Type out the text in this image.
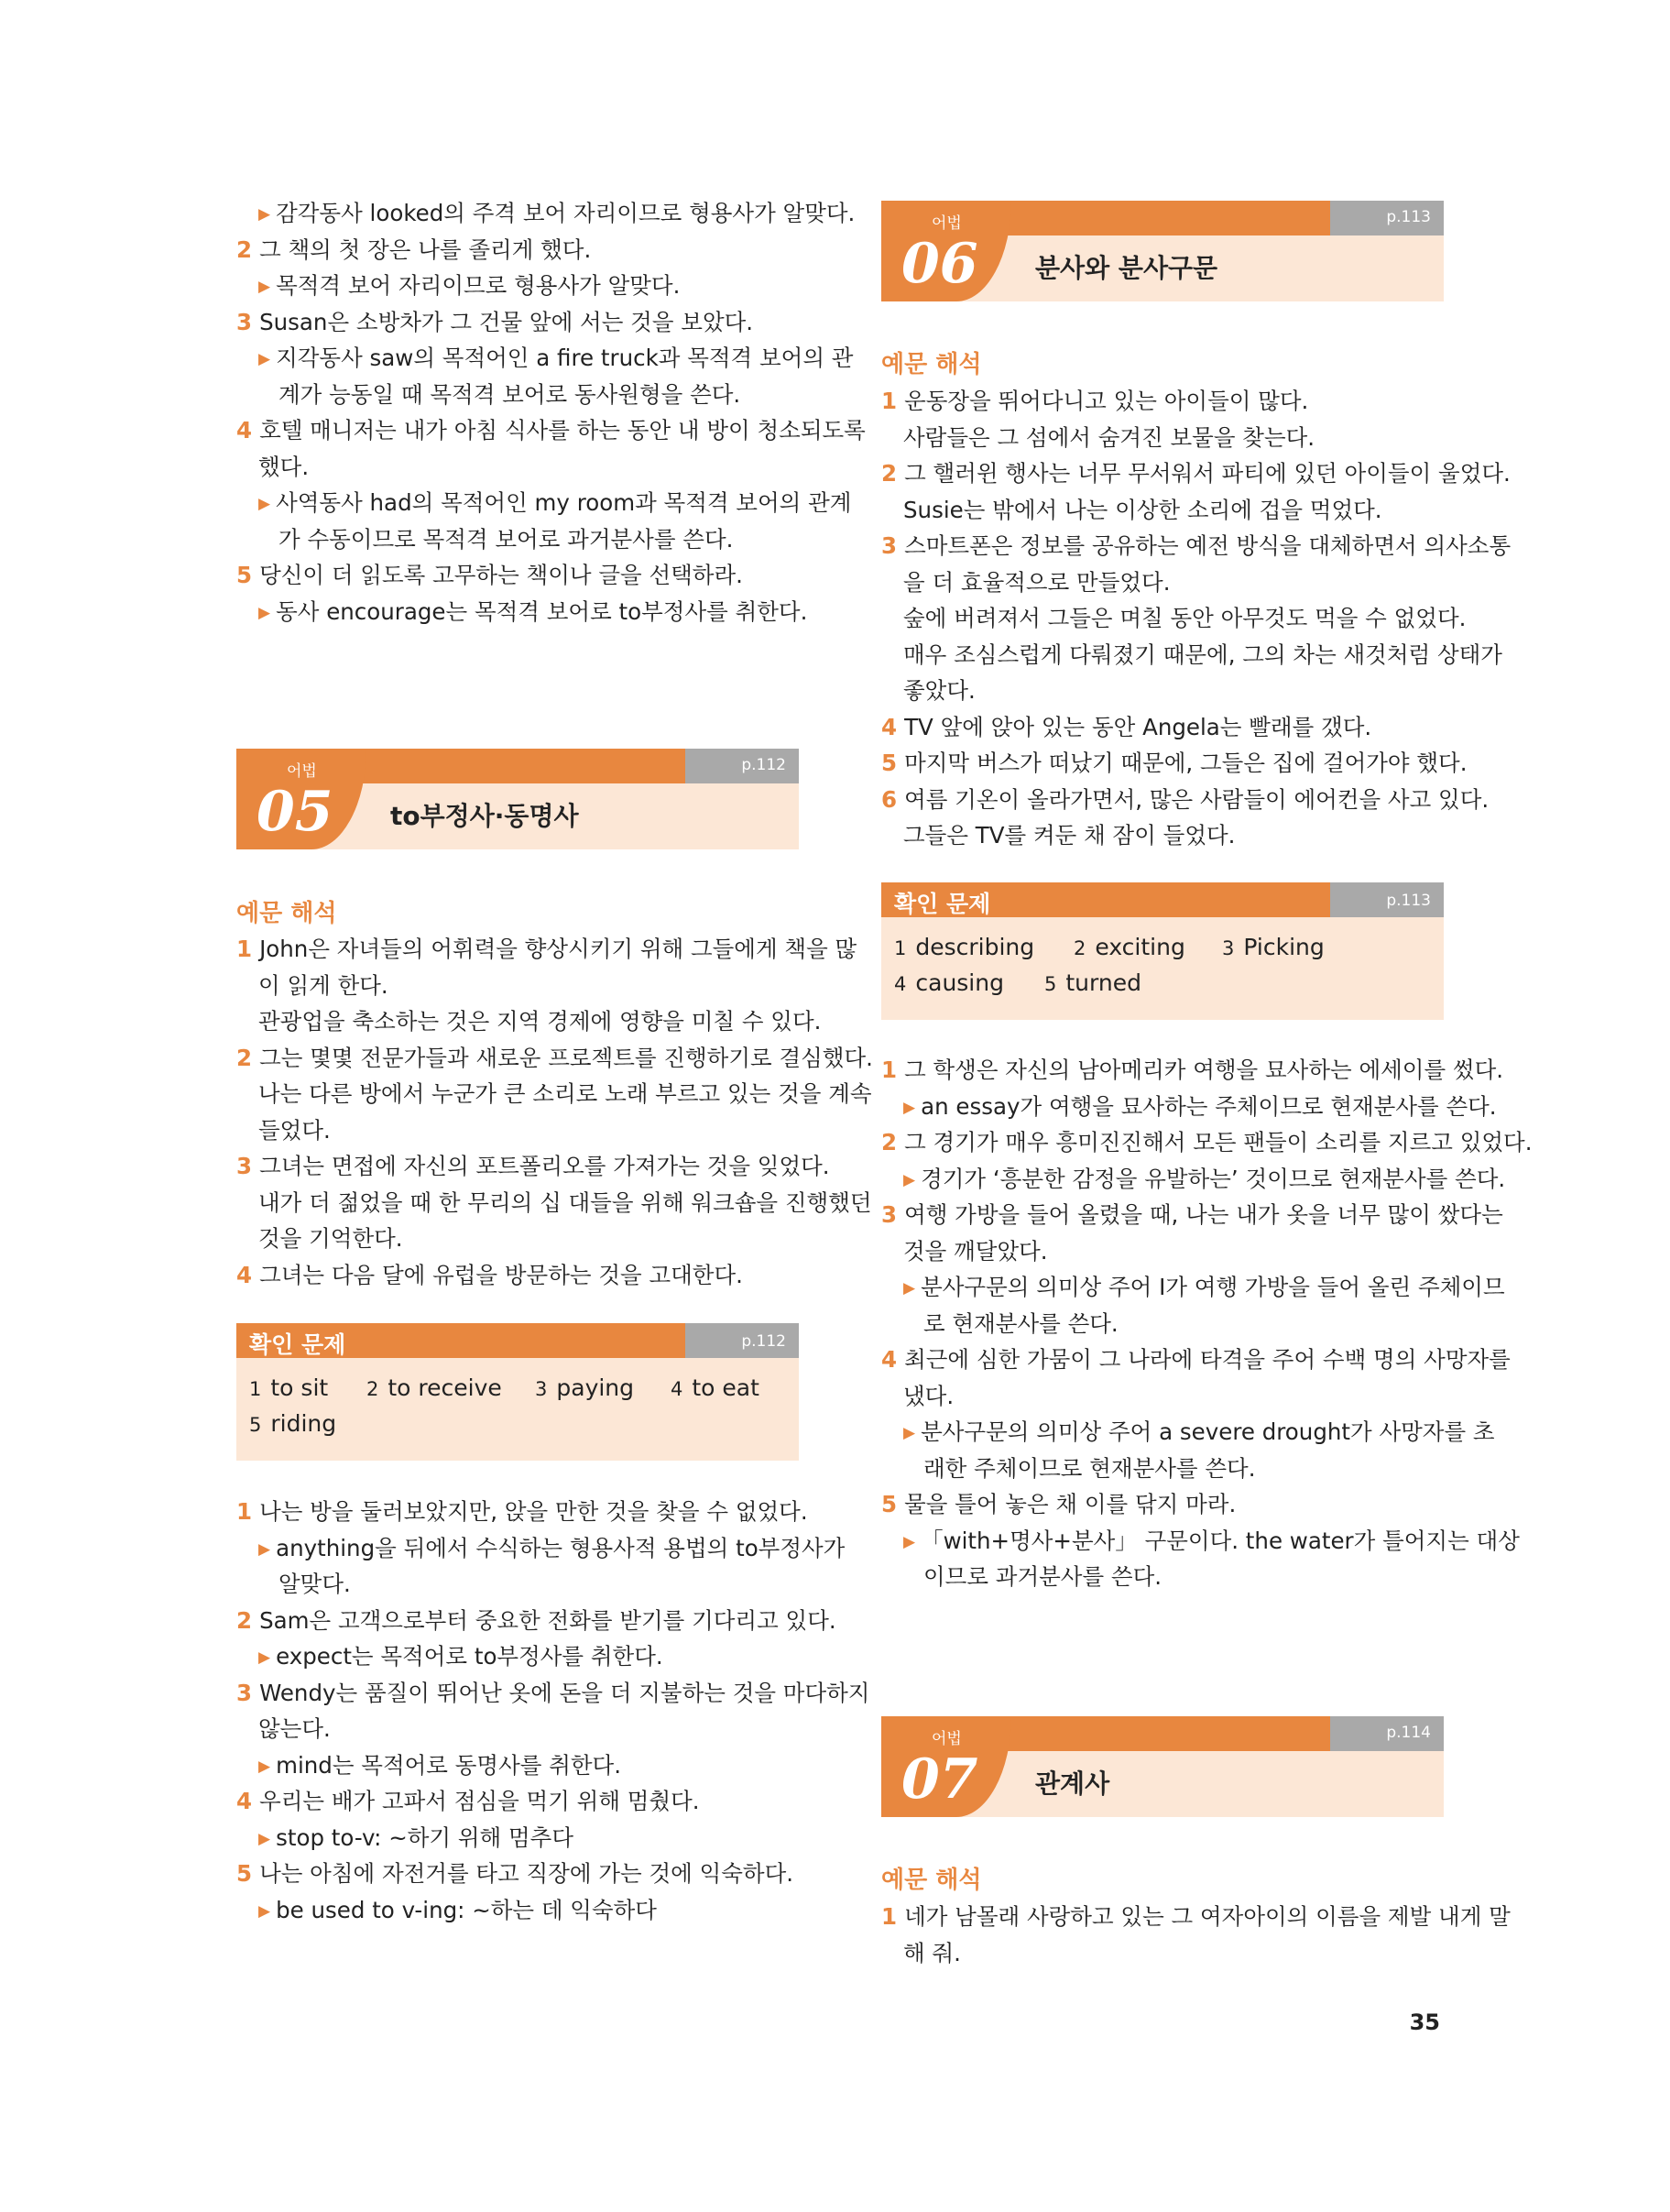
p.112
어법
05 to부정사·동명사
예문 해석
확인 문제	p.112
1 to sit 2 to receive 3 paying 4 to eat
5 riding
p.113
어법
06 분사와 분사구문
예문 해석
확인 문제	p.113
1 describing 2 exciting 3 Picking
4 causing 5 turned
p.114
어법
07 관계사
예문 해석
35
▶ 감각동사 looked의 주격 보어 자리이므로 형용사가 알맞다.
2 그 책의 첫 장은 나를 졸리게 했다.
▶ 목적격 보어 자리이므로 형용사가 알맞다.
3 Susan은 소방차가 그 건물 앞에 서는 것을 보았다.
▶ 지각동사 saw의 목적어인 a fire truck과 목적격 보어의 관
계가 능동일 때 목적격 보어로 동사원형을 쓴다.
4 호텔 매니저는 내가 아침 식사를 하는 동안 내 방이 청소되도록
했다.
▶ 사역동사 had의 목적어인 my room과 목적격 보어의 관계
가 수동이므로 목적격 보어로 과거분사를 쓴다.
5 당신이 더 읽도록 고무하는 책이나 글을 선택하라.
▶ 동사 encourage는 목적격 보어로 to부정사를 취한다.
1 John은 자녀들의 어휘력을 향상시키기 위해 그들에게 책을 많
이 읽게 한다.
관광업을 축소하는 것은 지역 경제에 영향을 미칠 수 있다.
2 그는 몇몇 전문가들과 새로운 프로젝트를 진행하기로 결심했다.
나는 다른 방에서 누군가 큰 소리로 노래 부르고 있는 것을 계속
들었다.
3 그녀는 면접에 자신의 포트폴리오를 가져가는 것을 잊었다.
내가 더 젊었을 때 한 무리의 십 대들을 위해 워크숍을 진행했던
것을 기억한다.
4 그녀는 다음 달에 유럽을 방문하는 것을 고대한다.
1 나는 방을 둘러보았지만, 앉을 만한 것을 찾을 수 없었다.
▶ anything을 뒤에서 수식하는 형용사적 용법의 to부정사가
알맞다.
2 Sam은 고객으로부터 중요한 전화를 받기를 기다리고 있다.
▶ expect는 목적어로 to부정사를 취한다.
3 Wendy는 품질이 뛰어난 옷에 돈을 더 지불하는 것을 마다하지
않는다.
▶ mind는 목적어로 동명사를 취한다.
4 우리는 배가 고파서 점심을 먹기 위해 멈췄다.
▶ stop to-v: ~하기 위해 멈추다
5 나는 아침에 자전거를 타고 직장에 가는 것에 익숙하다.
▶ be used to v-ing: ~하는 데 익숙하다
1 운동장을 뛰어다니고 있는 아이들이 많다.
사람들은 그 섬에서 숨겨진 보물을 찾는다.
2 그 핼러윈 행사는 너무 무서워서 파티에 있던 아이들이 울었다.
Susie는 밖에서 나는 이상한 소리에 겁을 먹었다.
3 스마트폰은 정보를 공유하는 예전 방식을 대체하면서 의사소통
을 더 효율적으로 만들었다.
숲에 버려져서 그들은 며칠 동안 아무것도 먹을 수 없었다.
매우 조심스럽게 다뤄졌기 때문에, 그의 차는 새것처럼 상태가
좋았다.
4 TV 앞에 앉아 있는 동안 Angela는 빨래를 갰다.
5 마지막 버스가 떠났기 때문에, 그들은 집에 걸어가야 했다.
6 여름 기온이 올라가면서, 많은 사람들이 에어컨을 사고 있다.
그들은 TV를 켜둔 채 잠이 들었다.
1 그 학생은 자신의 남아메리카 여행을 묘사하는 에세이를 썼다.
▶ an essay가 여행을 묘사하는 주체이므로 현재분사를 쓴다.
2 그 경기가 매우 흥미진진해서 모든 팬들이 소리를 지르고 있었다.
▶ 경기가 ‘흥분한 감정을 유발하는’ 것이므로 현재분사를 쓴다.
3 여행 가방을 들어 올렸을 때, 나는 내가 옷을 너무 많이 쌌다는
것을 깨달았다.
▶ 분사구문의 의미상 주어 I가 여행 가방을 들어 올린 주체이므
로 현재분사를 쓴다.
4 최근에 심한 가뭄이 그 나라에 타격을 주어 수백 명의 사망자를
냈다.
▶ 분사구문의 의미상 주어 a severe drought가 사망자를 초
래한 주체이므로 현재분사를 쓴다.
5 물을 틀어 놓은 채 이를 닦지 마라.
▶ 「with+명사+분사」 구문이다. the water가 틀어지는 대상
이므로 과거분사를 쓴다.
1 네가 남몰래 사랑하고 있는 그 여자아이의 이름을 제발 내게 말
해 줘.
